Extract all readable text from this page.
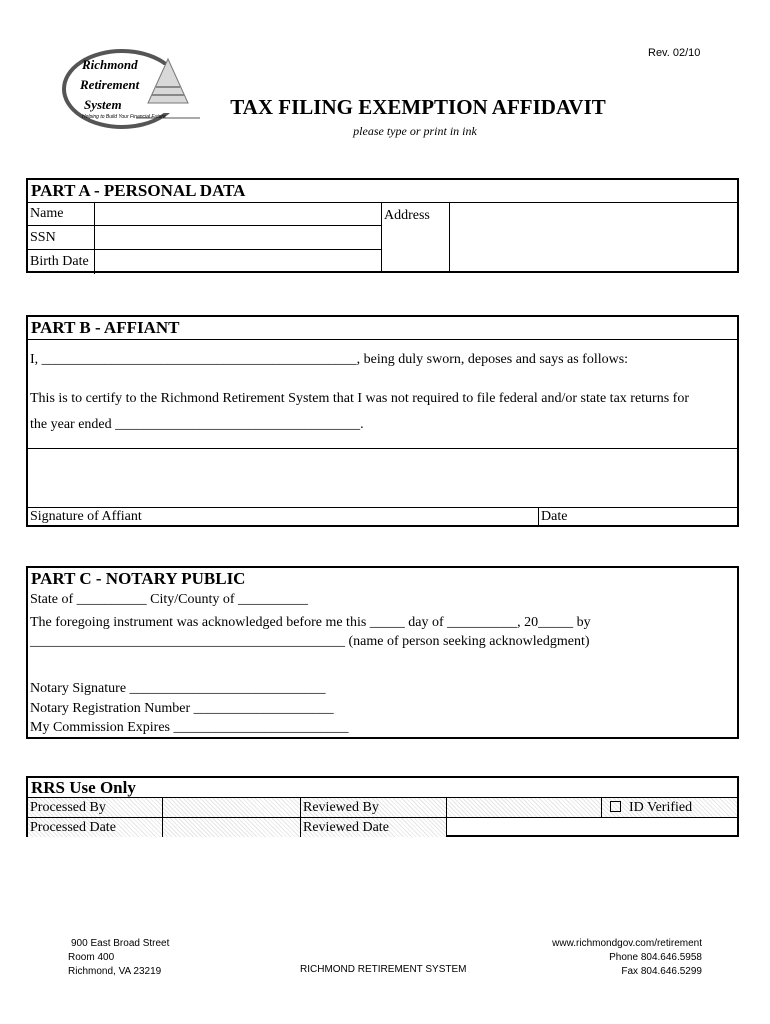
Rev. 02/10
Richmond
Retirement
System
Helping to Build Your Financial Future	TAX FILING EXEMPTION AFFIDAVIT
please type or print in ink
PART A - PERSONAL DATA
Name
SSN
Birth Date
Address
PART B - AFFIANT
I, _____________________________________________, being duly sworn, deposes and says as follows:
This is to certify to the Richmond Retirement System that I was not required to file federal and/or state tax returns for
the year ended ___________________________________.
Signature of Affiant	Date
PART C - NOTARY PUBLIC
State of __________ City/County of __________
The foregoing instrument was acknowledged before me this _____ day of __________, 20_____ by
_____________________________________________ (name of person seeking acknowledgment)
Notary Signature ____________________________
Notary Registration Number ____________________
My Commission Expires _________________________
RRS Use Only
Processed By	Reviewed By	ID Verified
Processed Date	Reviewed Date
900 East Broad Street
Room 400
Richmond, VA 23219	RICHMOND RETIREMENT SYSTEM
www.richmondgov.com/retirement
Phone 804.646.5958
Fax 804.646.5299
